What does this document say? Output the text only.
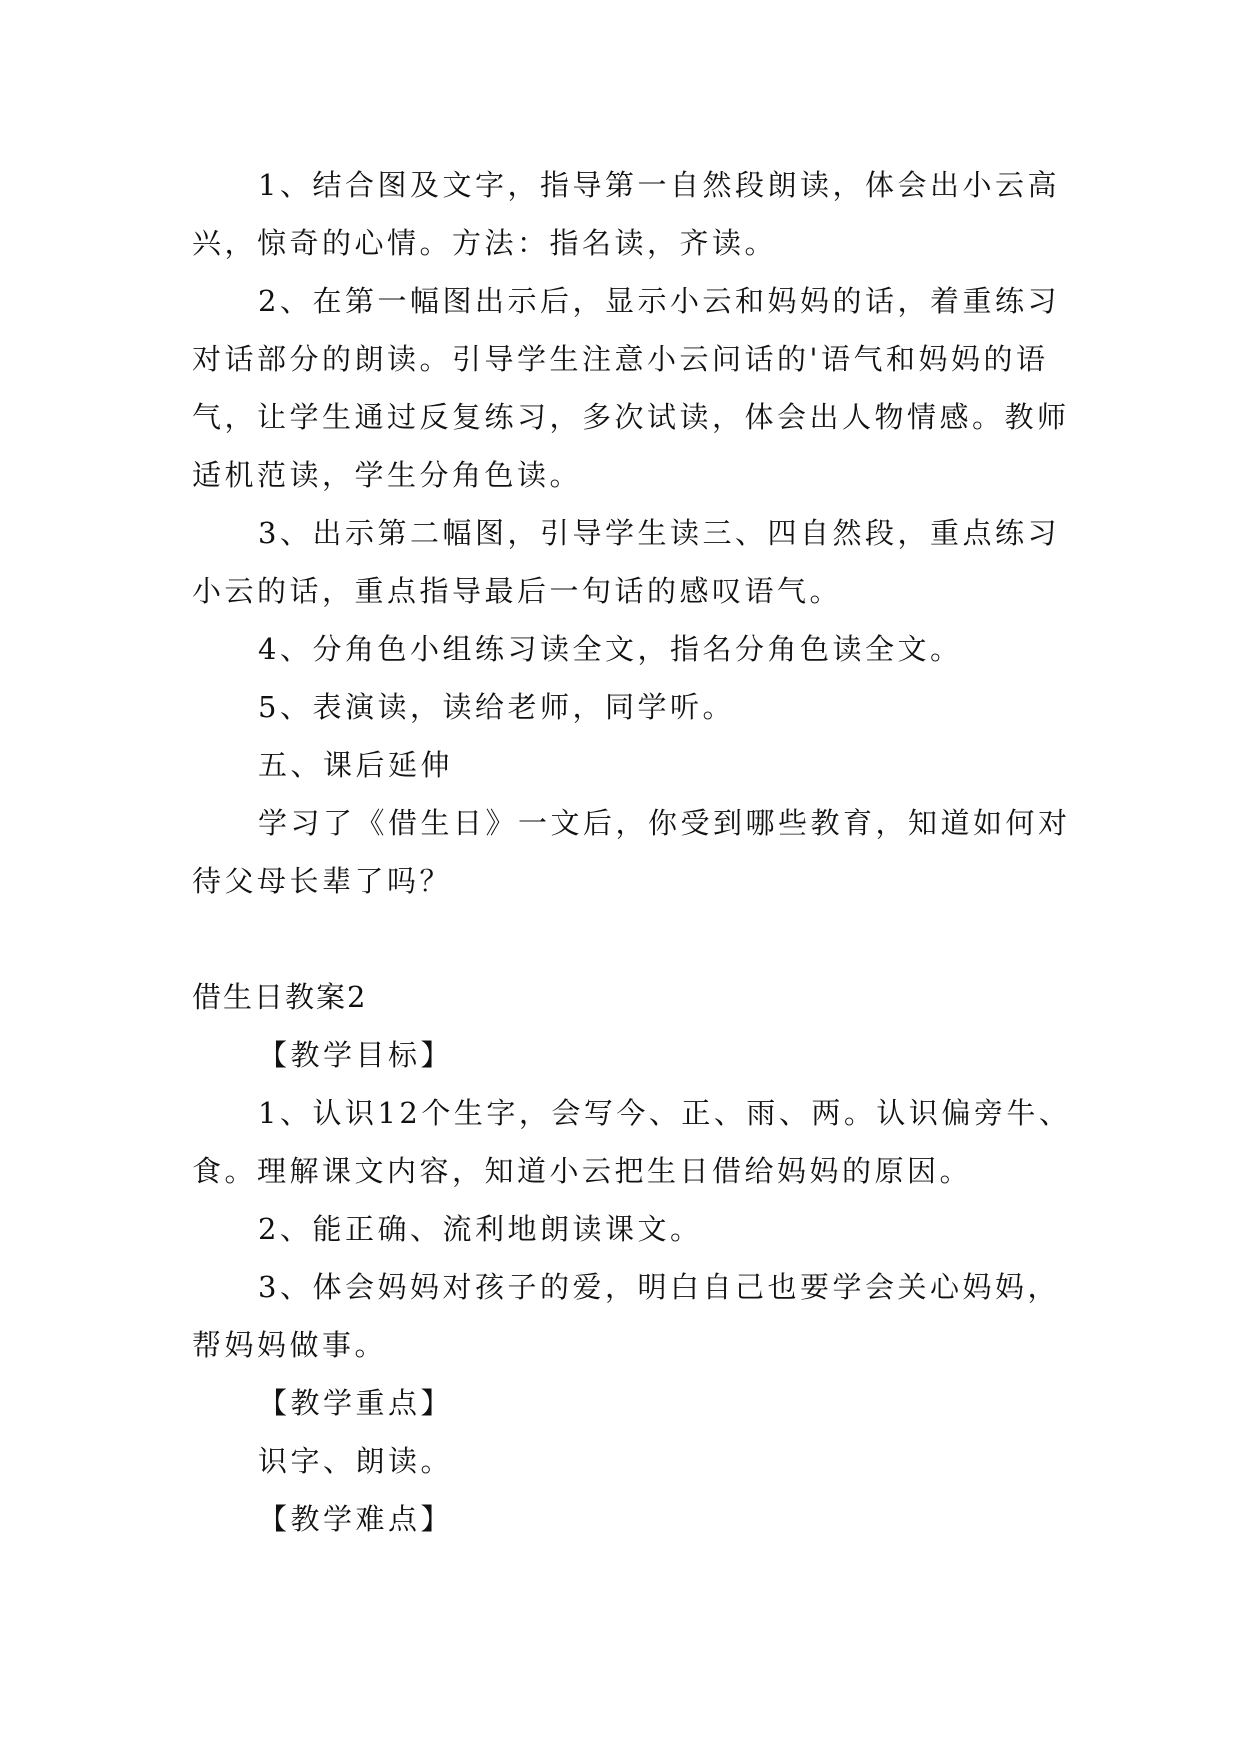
1、结合图及文字，指导第一自然段朗读，体会出小云高兴，惊奇的心情。方法：指名读，齐读。

2、在第一幅图出示后，显示小云和妈妈的话，着重练习对话部分的朗读。引导学生注意小云问话的'语气和妈妈的语气，让学生通过反复练习，多次试读，体会出人物情感。教师适机范读，学生分角色读。

3、出示第二幅图，引导学生读三、四自然段，重点练习小云的话，重点指导最后一句话的感叹语气。

4、分角色小组练习读全文，指名分角色读全文。

5、表演读，读给老师，同学听。

五、课后延伸

学习了《借生日》一文后，你受到哪些教育，知道如何对待父母长辈了吗？

借生日教案2

【教学目标】

1、认识12个生字，会写今、正、雨、两。认识偏旁牛、食。理解课文内容，知道小云把生日借给妈妈的原因。

2、能正确、流利地朗读课文。

3、体会妈妈对孩子的爱，明白自己也要学会关心妈妈，帮妈妈做事。

【教学重点】

识字、朗读。

【教学难点】
